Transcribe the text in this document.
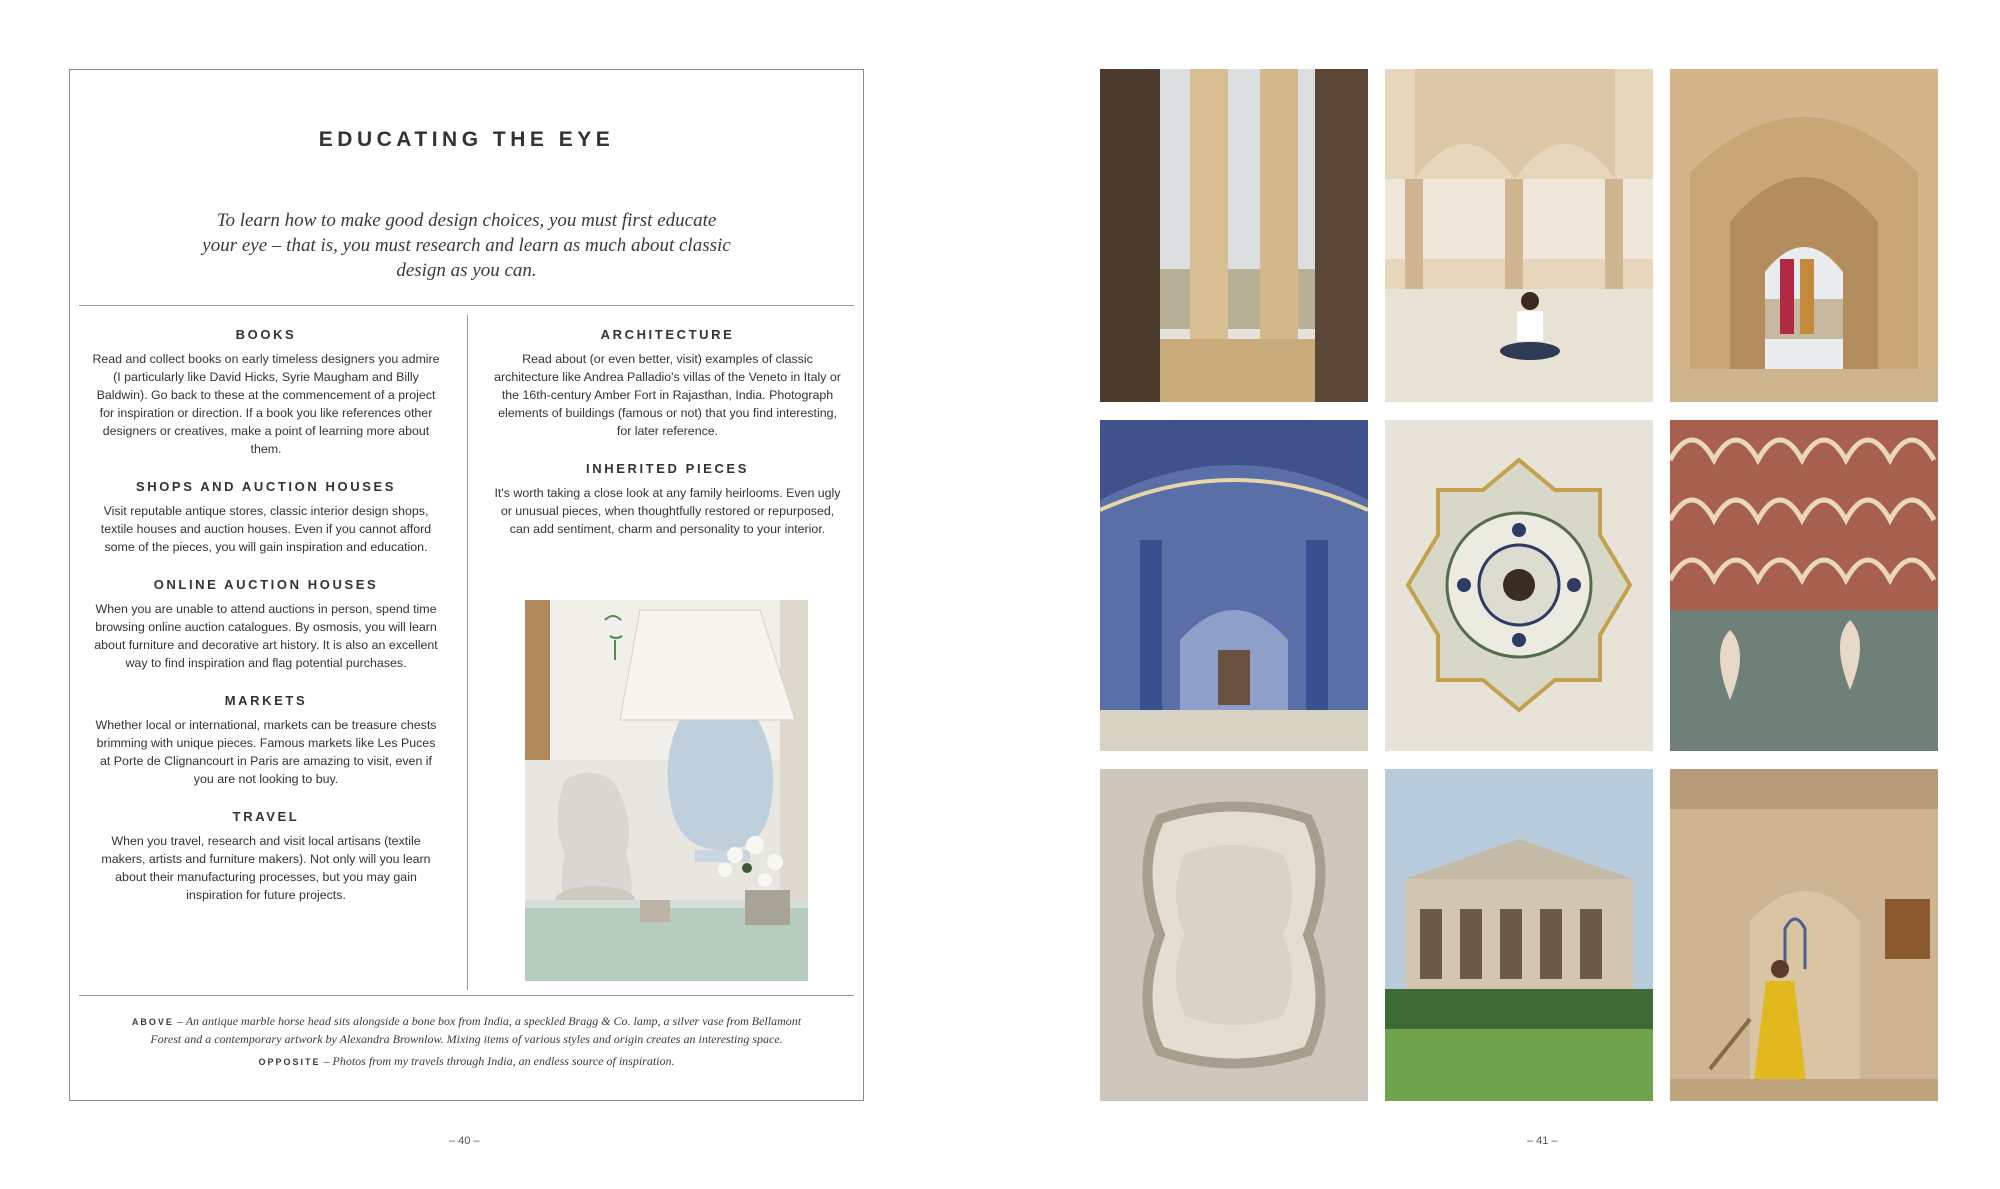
EDUCATING THE EYE
To learn how to make good design choices, you must first educate your eye – that is, you must research and learn as much about classic design as you can.
BOOKS

Read and collect books on early timeless designers you admire (I particularly like David Hicks, Syrie Maugham and Billy Baldwin). Go back to these at the commencement of a project for inspiration or direction. If a book you like references other designers or creatives, make a point of learning more about them.

SHOPS AND AUCTION HOUSES

Visit reputable antique stores, classic interior design shops, textile houses and auction houses. Even if you cannot afford some of the pieces, you will gain inspiration and education.

ONLINE AUCTION HOUSES

When you are unable to attend auctions in person, spend time browsing online auction catalogues. By osmosis, you will learn about furniture and decorative art history. It is also an excellent way to find inspiration and flag potential purchases.

MARKETS

Whether local or international, markets can be treasure chests brimming with unique pieces. Famous markets like Les Puces at Porte de Clignancourt in Paris are amazing to visit, even if you are not looking to buy.

TRAVEL

When you travel, research and visit local artisans (textile makers, artists and furniture makers). Not only will you learn about their manufacturing processes, but you may gain inspiration for future projects.

ARCHITECTURE

Read about (or even better, visit) examples of classic architecture like Andrea Palladio's villas of the Veneto in Italy or the 16th-century Amber Fort in Rajasthan, India. Photograph elements of buildings (famous or not) that you find interesting, for later reference.

INHERITED PIECES

It's worth taking a close look at any family heirlooms. Even ugly or unusual pieces, when thoughtfully restored or repurposed, can add sentiment, charm and personality to your interior.

ABOVE – An antique marble horse head sits alongside a bone box from India, a speckled Bragg & Co. lamp, a silver vase from Bellamont Forest and a contemporary artwork by Alexandra Brownlow. Mixing items of various styles and origin creates an interesting space.
OPPOSITE – Photos from my travels through India, an endless source of inspiration.
– 40 –	– 41 –
